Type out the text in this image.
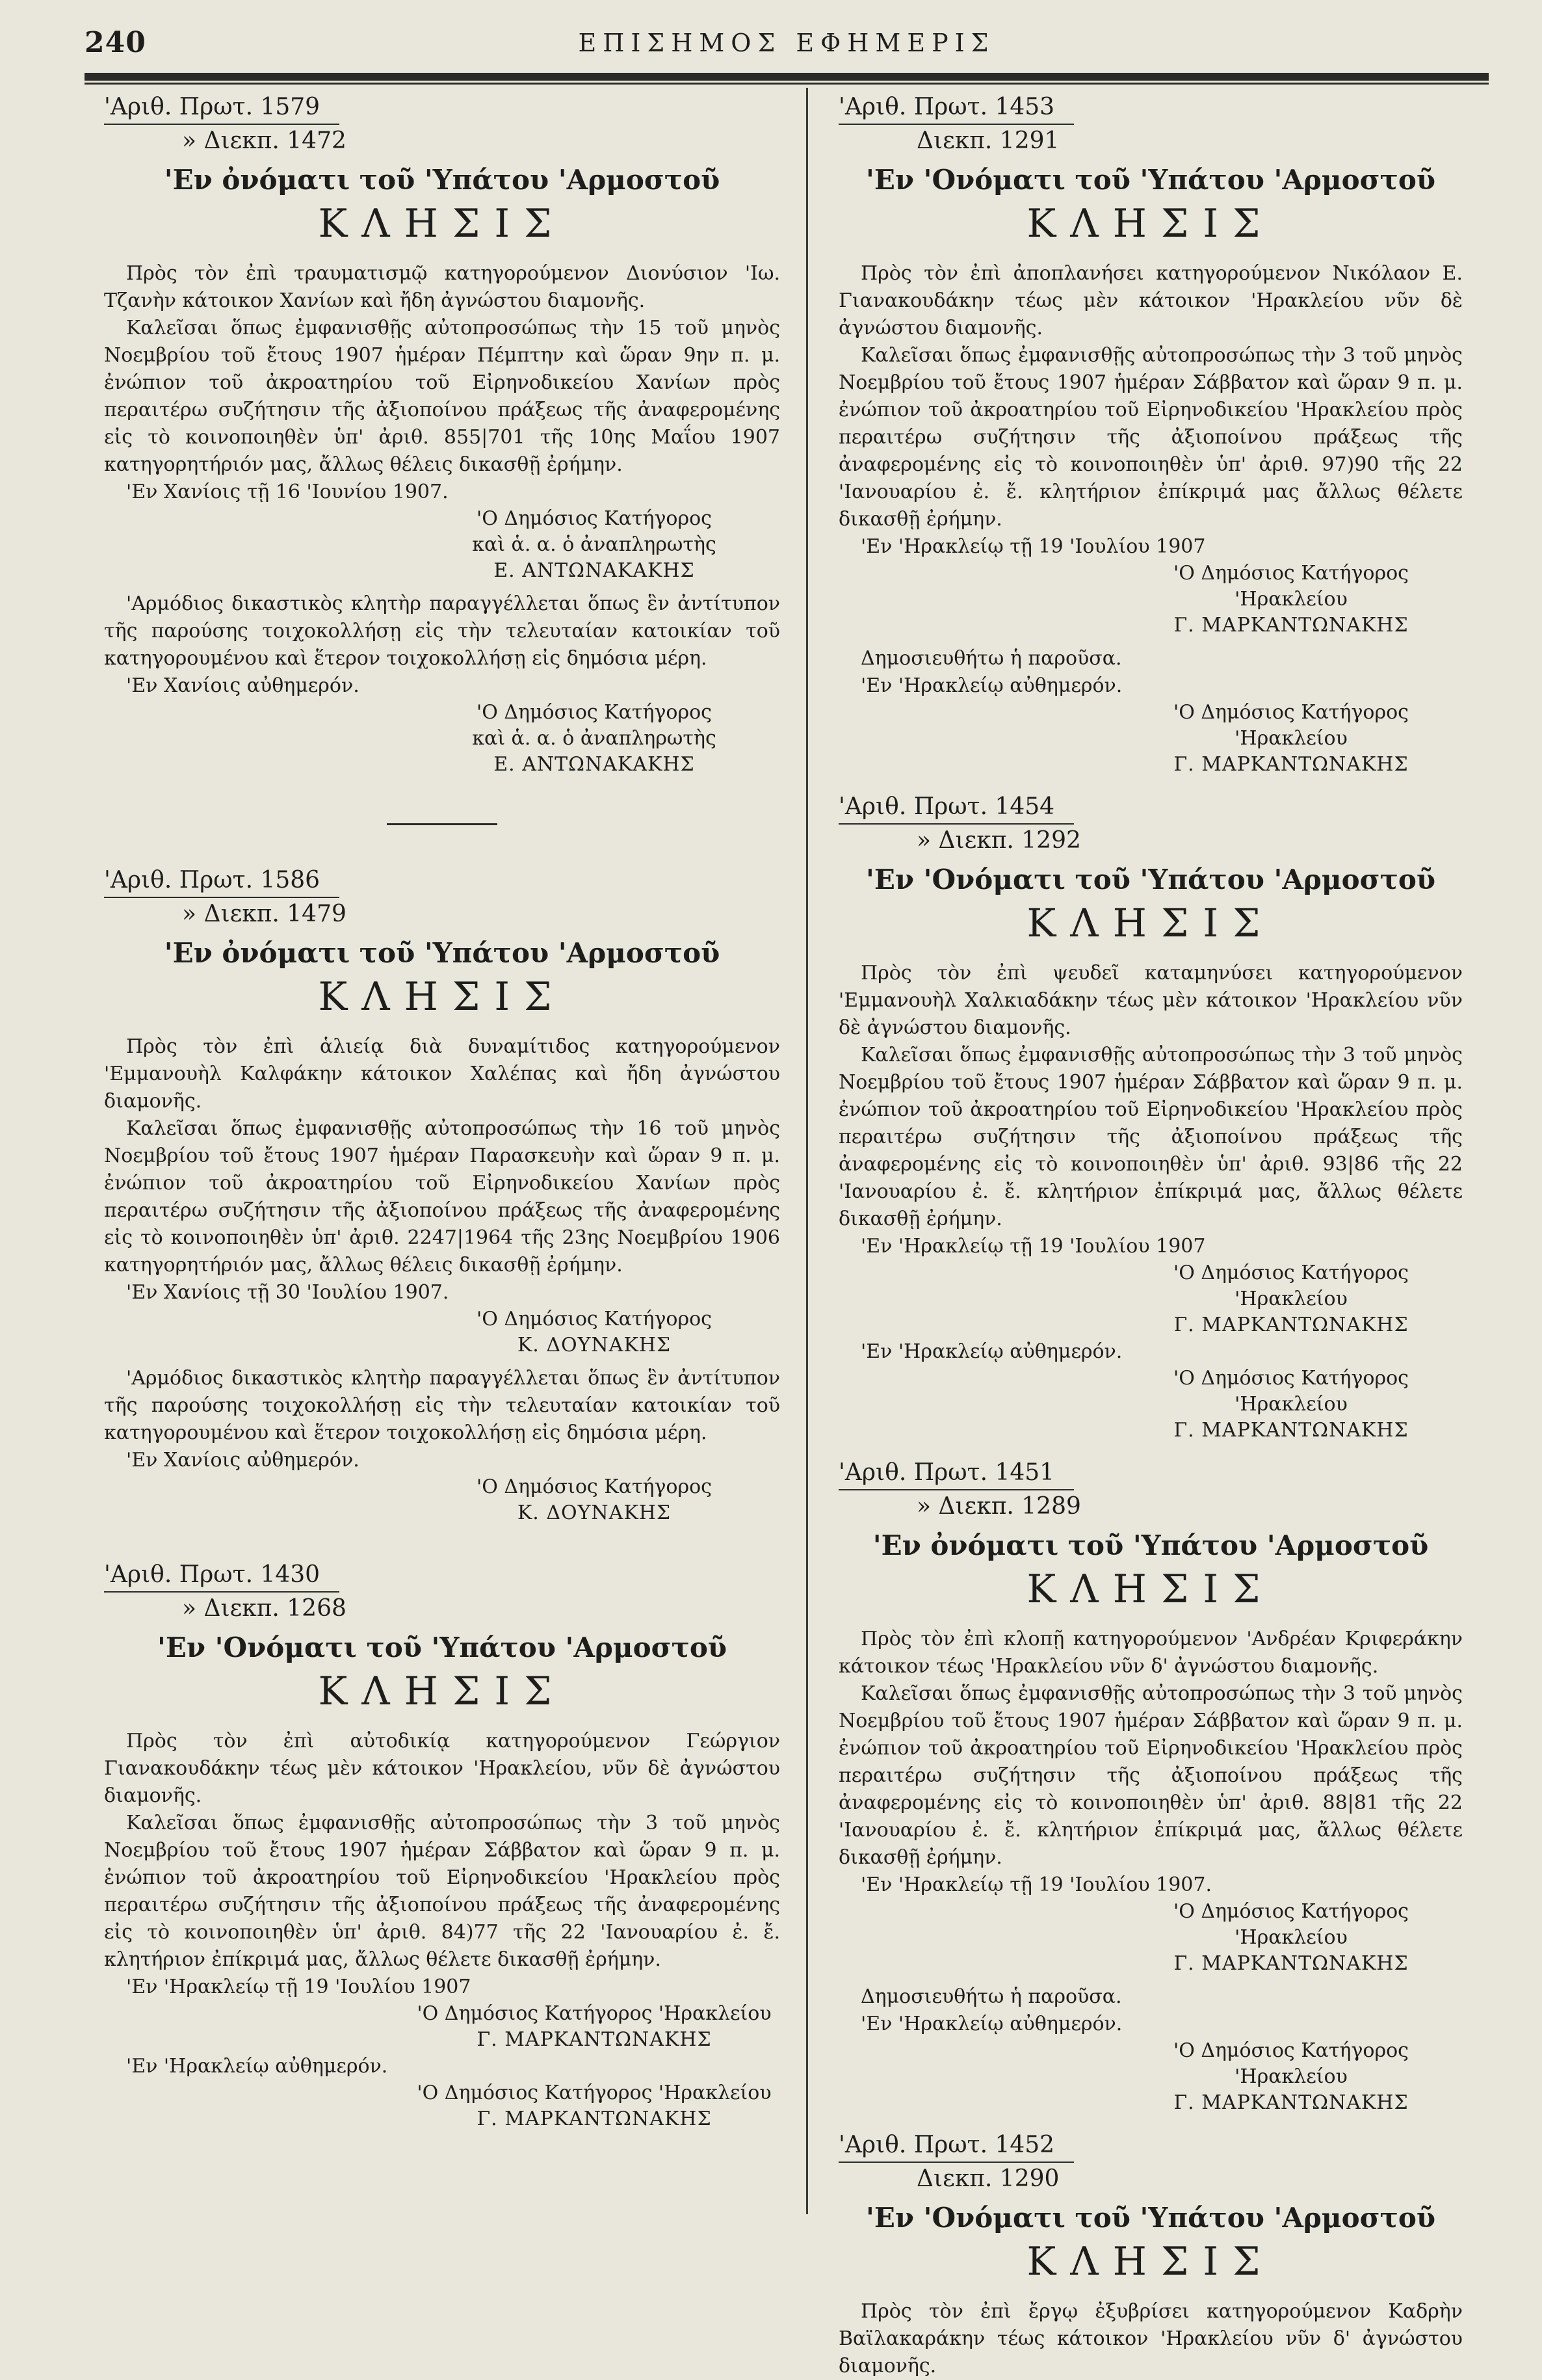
240	ΕΠΙΣΗΜΟΣ ΕΦΗΜΕΡΙΣ
'Αριθ. Πρωτ. 1579
» Διεκπ. 1472
'Εν ὀνόματι τοῦ 'Υπάτου 'Αρμοστοῦ
ΚΛΗΣΙΣ

Πρὸς τὸν ἐπὶ τραυματισμῷ κατηγορούμενον Διονύσιον 'Ιω. Τζανὴν κάτοικον Χανίων καὶ ἤδη ἀγνώστου διαμονῆς.

Καλεῖσαι ὅπως ἐμφανισθῇς αὐτοπροσώπως τὴν 15 τοῦ μηνὸς Νοεμβρίου τοῦ ἔτους 1907 ἡμέραν Πέμπτην καὶ ὥραν 9ην π. μ. ἐνώπιον τοῦ ἀκροατηρίου τοῦ Εἰρηνοδικείου Χανίων πρὸς περαιτέρω συζήτησιν τῆς ἀξιοποίνου πράξεως τῆς ἀναφερομένης εἰς τὸ κοινοποιηθὲν ὑπ' ἀριθ. 855|701 τῆς 10ης Μαΐου 1907 κατηγορητήριόν μας, ἄλλως θέλεις δικασθῇ ἐρήμην.

'Εν Χανίοις τῇ 16 'Ιουνίου 1907.
'Ο Δημόσιος Κατήγορος
καὶ ἁ. α. ὁ ἀναπληρωτὴς
Ε. ΑΝΤΩΝΑΚΑΚΗΣ

'Αρμόδιος δικαστικὸς κλητὴρ παραγγέλλεται ὅπως ἓν ἀντίτυπον τῆς παρούσης τοιχοκολλήσῃ εἰς τὴν τελευταίαν κατοικίαν τοῦ κατηγορουμένου καὶ ἕτερον τοιχοκολλήσῃ εἰς δημόσια μέρη.

'Εν Χανίοις αὐθημερόν.
'Ο Δημόσιος Κατήγορος
καὶ ἁ. α. ὁ ἀναπληρωτὴς
Ε. ΑΝΤΩΝΑΚΑΚΗΣ
'Αριθ. Πρωτ. 1586
» Διεκπ. 1479
'Εν ὀνόματι τοῦ 'Υπάτου 'Αρμοστοῦ
ΚΛΗΣΙΣ

Πρὸς τὸν ἐπὶ ἁλιείᾳ διὰ δυναμίτιδος κατηγορούμενον 'Εμμανουὴλ Καλφάκην κάτοικον Χαλέπας καὶ ἤδη ἀγνώστου διαμονῆς.

Καλεῖσαι ὅπως ἐμφανισθῇς αὐτοπροσώπως τὴν 16 τοῦ μηνὸς Νοεμβρίου τοῦ ἔτους 1907 ἡμέραν Παρασκευὴν καὶ ὥραν 9 π. μ. ἐνώπιον τοῦ ἀκροατηρίου τοῦ Εἰρηνοδικείου Χανίων πρὸς περαιτέρω συζήτησιν τῆς ἀξιοποίνου πράξεως τῆς ἀναφερομένης εἰς τὸ κοινοποιηθὲν ὑπ' ἀριθ. 2247|1964 τῆς 23ης Νοεμβρίου 1906 κατηγορητήριόν μας, ἄλλως θέλεις δικασθῇ ἐρήμην.

'Εν Χανίοις τῇ 30 'Ιουλίου 1907.
'Ο Δημόσιος Κατήγορος
Κ. ΔΟΥΝΑΚΗΣ

'Αρμόδιος δικαστικὸς κλητὴρ παραγγέλλεται ὅπως ἓν ἀντίτυπον τῆς παρούσης τοιχοκολλήσῃ εἰς τὴν τελευταίαν κατοικίαν τοῦ κατηγορουμένου καὶ ἕτερον τοιχοκολλήσῃ εἰς δημόσια μέρη.

'Εν Χανίοις αὐθημερόν.
'Ο Δημόσιος Κατήγορος
Κ. ΔΟΥΝΑΚΗΣ
'Αριθ. Πρωτ. 1430
» Διεκπ. 1268
'Εν 'Ονόματι τοῦ 'Υπάτου 'Αρμοστοῦ
ΚΛΗΣΙΣ

Πρὸς τὸν ἐπὶ αὐτοδικίᾳ κατηγορούμενον Γεώργιον Γιανακουδάκην τέως μὲν κάτοικον 'Ηρακλείου, νῦν δὲ ἀγνώστου διαμονῆς.

Καλεῖσαι ὅπως ἐμφανισθῇς αὐτοπροσώπως τὴν 3 τοῦ μηνὸς Νοεμβρίου τοῦ ἔτους 1907 ἡμέραν Σάββατον καὶ ὥραν 9 π. μ. ἐνώπιον τοῦ ἀκροατηρίου τοῦ Εἰρηνοδικείου 'Ηρακλείου πρὸς περαιτέρω συζήτησιν τῆς ἀξιοποίνου πράξεως τῆς ἀναφερομένης εἰς τὸ κοινοποιηθὲν ὑπ' ἀριθ. 84)77 τῆς 22 'Ιανουαρίου ἐ. ἔ. κλητήριον ἐπίκριμά μας, ἄλλως θέλετε δικασθῇ ἐρήμην.

'Εν 'Ηρακλείῳ τῇ 19 'Ιουλίου 1907
'Ο Δημόσιος Κατήγορος 'Ηρακλείου
Γ. ΜΑΡΚΑΝΤΩΝΑΚΗΣ
'Εν 'Ηρακλείῳ αὐθημερόν.
'Ο Δημόσιος Κατήγορος 'Ηρακλείου
Γ. ΜΑΡΚΑΝΤΩΝΑΚΗΣ
'Αριθ. Πρωτ. 1453
Διεκπ. 1291
'Εν 'Ονόματι τοῦ 'Υπάτου 'Αρμοστοῦ
ΚΛΗΣΙΣ

Πρὸς τὸν ἐπὶ ἀποπλανήσει κατηγορούμενον Νικόλαον Ε. Γιανακουδάκην τέως μὲν κάτοικον 'Ηρακλείου νῦν δὲ ἀγνώστου διαμονῆς.

Καλεῖσαι ὅπως ἐμφανισθῇς αὐτοπροσώπως τὴν 3 τοῦ μηνὸς Νοεμβρίου τοῦ ἔτους 1907 ἡμέραν Σάββατον καὶ ὥραν 9 π. μ. ἐνώπιον τοῦ ἀκροατηρίου τοῦ Εἰρηνοδικείου 'Ηρακλείου πρὸς περαιτέρω συζήτησιν τῆς ἀξιοποίνου πράξεως τῆς ἀναφερομένης εἰς τὸ κοινοποιηθὲν ὑπ' ἀριθ. 97)90 τῆς 22 'Ιανουαρίου ἐ. ἔ. κλητήριον ἐπίκριμά μας ἄλλως θέλετε δικασθῇ ἐρήμην.

'Εν 'Ηρακλείῳ τῇ 19 'Ιουλίου 1907
'Ο Δημόσιος Κατήγορος 'Ηρακλείου
Γ. ΜΑΡΚΑΝΤΩΝΑΚΗΣ

Δημοσιευθήτω ἡ παροῦσα.

'Εν 'Ηρακλείῳ αὐθημερόν.
'Ο Δημόσιος Κατήγορος 'Ηρακλείου
Γ. ΜΑΡΚΑΝΤΩΝΑΚΗΣ
'Αριθ. Πρωτ. 1454
» Διεκπ. 1292
'Εν 'Ονόματι τοῦ 'Υπάτου 'Αρμοστοῦ
ΚΛΗΣΙΣ

Πρὸς τὸν ἐπὶ ψευδεῖ καταμηνύσει κατηγορούμενον 'Εμμανουὴλ Χαλκιαδάκην τέως μὲν κάτοικον 'Ηρακλείου νῦν δὲ ἀγνώστου διαμονῆς.

Καλεῖσαι ὅπως ἐμφανισθῇς αὐτοπροσώπως τὴν 3 τοῦ μηνὸς Νοεμβρίου τοῦ ἔτους 1907 ἡμέραν Σάββατον καὶ ὥραν 9 π. μ. ἐνώπιον τοῦ ἀκροατηρίου τοῦ Εἰρηνοδικείου 'Ηρακλείου πρὸς περαιτέρω συζήτησιν τῆς ἀξιοποίνου πράξεως τῆς ἀναφερομένης εἰς τὸ κοινοποιηθὲν ὑπ' ἀριθ. 93|86 τῆς 22 'Ιανουαρίου ἐ. ἔ. κλητήριον ἐπίκριμά μας, ἄλλως θέλετε δικασθῇ ἐρήμην.

'Εν 'Ηρακλείῳ τῇ 19 'Ιουλίου 1907
'Ο Δημόσιος Κατήγορος 'Ηρακλείου
Γ. ΜΑΡΚΑΝΤΩΝΑΚΗΣ
'Εν 'Ηρακλείῳ αὐθημερόν.
'Ο Δημόσιος Κατήγορος 'Ηρακλείου
Γ. ΜΑΡΚΑΝΤΩΝΑΚΗΣ
'Αριθ. Πρωτ. 1451
» Διεκπ. 1289
'Εν ὀνόματι τοῦ 'Υπάτου 'Αρμοστοῦ
ΚΛΗΣΙΣ

Πρὸς τὸν ἐπὶ κλοπῇ κατηγορούμενον 'Ανδρέαν Κριφεράκην κάτοικον τέως 'Ηρακλείου νῦν δ' ἀγνώστου διαμονῆς.

Καλεῖσαι ὅπως ἐμφανισθῇς αὐτοπροσώπως τὴν 3 τοῦ μηνὸς Νοεμβρίου τοῦ ἔτους 1907 ἡμέραν Σάββατον καὶ ὥραν 9 π. μ. ἐνώπιον τοῦ ἀκροατηρίου τοῦ Εἰρηνοδικείου 'Ηρακλείου πρὸς περαιτέρω συζήτησιν τῆς ἀξιοποίνου πράξεως τῆς ἀναφερομένης εἰς τὸ κοινοποιηθὲν ὑπ' ἀριθ. 88|81 τῆς 22 'Ιανουαρίου ἐ. ἔ. κλητήριον ἐπίκριμά μας, ἄλλως θέλετε δικασθῇ ἐρήμην.

'Εν 'Ηρακλείῳ τῇ 19 'Ιουλίου 1907.
'Ο Δημόσιος Κατήγορος 'Ηρακλείου
Γ. ΜΑΡΚΑΝΤΩΝΑΚΗΣ

Δημοσιευθήτω ἡ παροῦσα.

'Εν 'Ηρακλείῳ αὐθημερόν.
'Ο Δημόσιος Κατήγορος 'Ηρακλείου
Γ. ΜΑΡΚΑΝΤΩΝΑΚΗΣ
'Αριθ. Πρωτ. 1452
Διεκπ. 1290
'Εν 'Ονόματι τοῦ 'Υπάτου 'Αρμοστοῦ
ΚΛΗΣΙΣ

Πρὸς τὸν ἐπὶ ἔργῳ ἐξυβρίσει κατηγορούμενον Καδρὴν Βαϊλακαράκην τέως κάτοικον 'Ηρακλείου νῦν δ' ἀγνώστου διαμονῆς.
